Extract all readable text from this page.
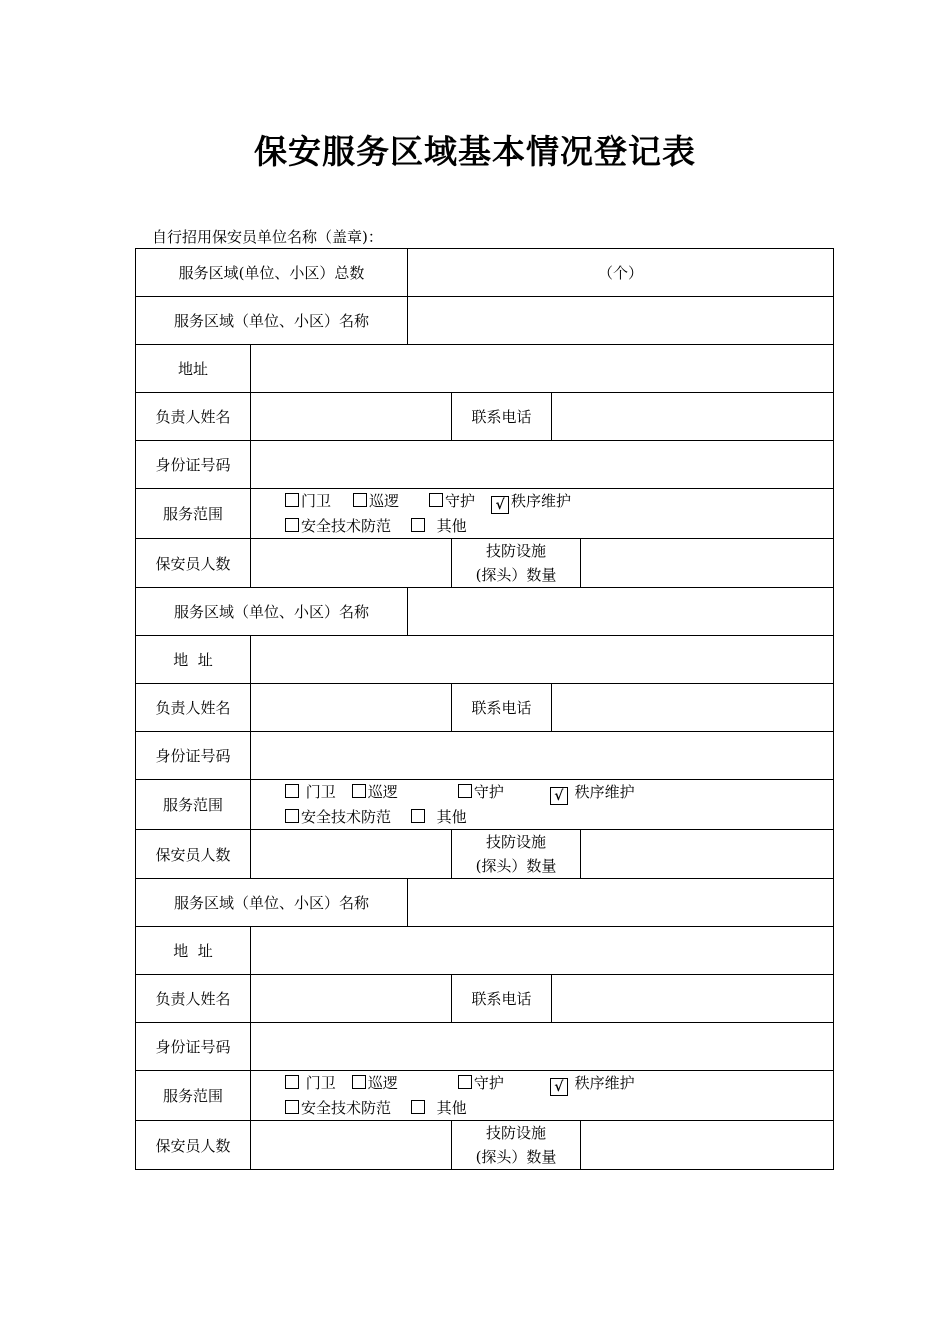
保安服务区域基本情况登记表
自行招用保安员单位名称（盖章)：
服务区域(单位、小区）总数		（个）			
服务区域（单位、小区）名称					
地址					
负责人姓名			联系电话		
身份证号码					
服务范围	门卫 巡逻 守护 √ 秩序维护
安全技术防范 其他				
保安员人数			技防设施
(探头）数量		
服务区域（单位、小区）名称					
地  址					
负责人姓名			联系电话		
身份证号码					
服务范围	门卫 巡逻 守护 √ 秩序维护
安全技术防范 其他				
保安员人数			技防设施
(探头）数量		
服务区域（单位、小区）名称					
地  址					
负责人姓名			联系电话		
身份证号码					
服务范围	门卫 巡逻 守护 √ 秩序维护
安全技术防范 其他				
保安员人数			技防设施
(探头）数量		
